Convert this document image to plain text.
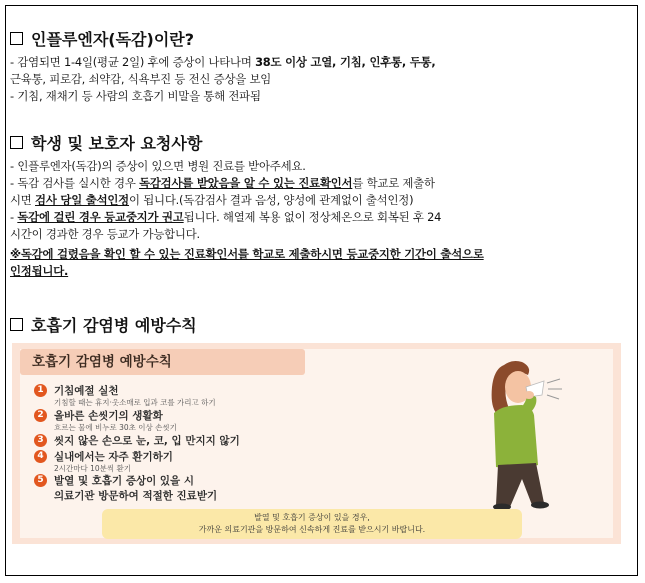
인플루엔자(독감)이란?
- 감염되면 1-4일(평균 2일) 후에 증상이 나타나며 38도 이상 고열, 기침, 인후통, 두통,
근육통, 피로감, 쇠약감, 식욕부진 등 전신 증상을 보임
- 기침, 재채기 등 사람의 호흡기 비말을 통해 전파됨
학생 및 보호자 요청사항
- 인플루엔자(독감)의 증상이 있으면 병원 진료를 받아주세요.
- 독감 검사를 실시한 경우 독감검사를 받았음을 알 수 있는 진료확인서를 학교로 제출하
시면 검사 당일 출석인정이 됩니다.(독감검사 결과 음성, 양성에 관계없이 출석인정)
- 독감에 걸린 경우 등교중지가 권고됩니다. 해열제 복용 없이 정상체온으로 회복된 후 24
시간이 경과한 경우 등교가 가능합니다.
※독감에 걸렸음을 확인 할 수 있는 진료확인서를 학교로 제출하시면 등교중지한 기간이 출석으로
인정됩니다.
호흡기 감염병 예방수칙
호흡기 감염병 예방수칙
1 기침예절 실천
기침할 때는 휴지·옷소매로 입과 코를 가리고 하기
2 올바른 손씻기의 생활화
흐르는 물에 비누로 30초 이상 손씻기
3 씻지 않은 손으로 눈, 코, 입 만지지 않기
4 실내에서는 자주 환기하기
2시간마다 10분씩 환기
5 발열 및 호흡기 증상이 있을 시
의료기관 방문하여 적절한 진료받기
발열 및 호흡기 증상이 있을 경우,
가까운 의료기관을 방문하여 신속하게 진료를 받으시기 바랍니다.
